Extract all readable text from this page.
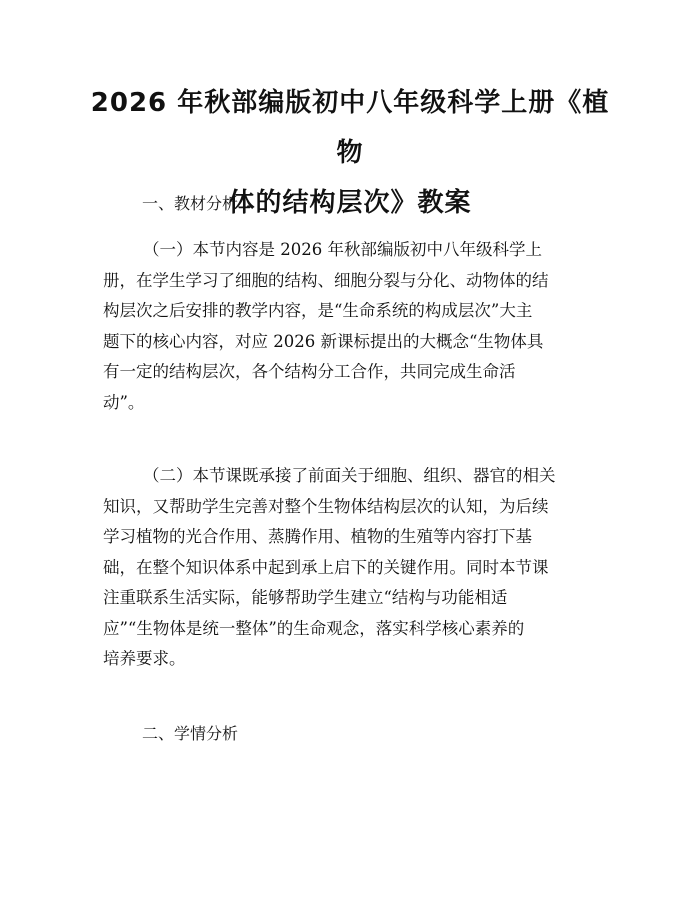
2026 年秋部编版初中八年级科学上册《植物
体的结构层次》教案

一、教材分析

（一）本节内容是 2026 年秋部编版初中八年级科学上
册，在学生学习了细胞的结构、细胞分裂与分化、动物体的结
构层次之后安排的教学内容，是“生命系统的构成层次”大主
题下的核心内容，对应 2026 新课标提出的大概念“生物体具
有一定的结构层次，各个结构分工合作，共同完成生命活
动”。

（二）本节课既承接了前面关于细胞、组织、器官的相关
知识，又帮助学生完善对整个生物体结构层次的认知，为后续
学习植物的光合作用、蒸腾作用、植物的生殖等内容打下基
础，在整个知识体系中起到承上启下的关键作用。同时本节课
注重联系生活实际，能够帮助学生建立“结构与功能相适
应”“生物体是统一整体”的生命观念，落实科学核心素养的
培养要求。

二、学情分析
